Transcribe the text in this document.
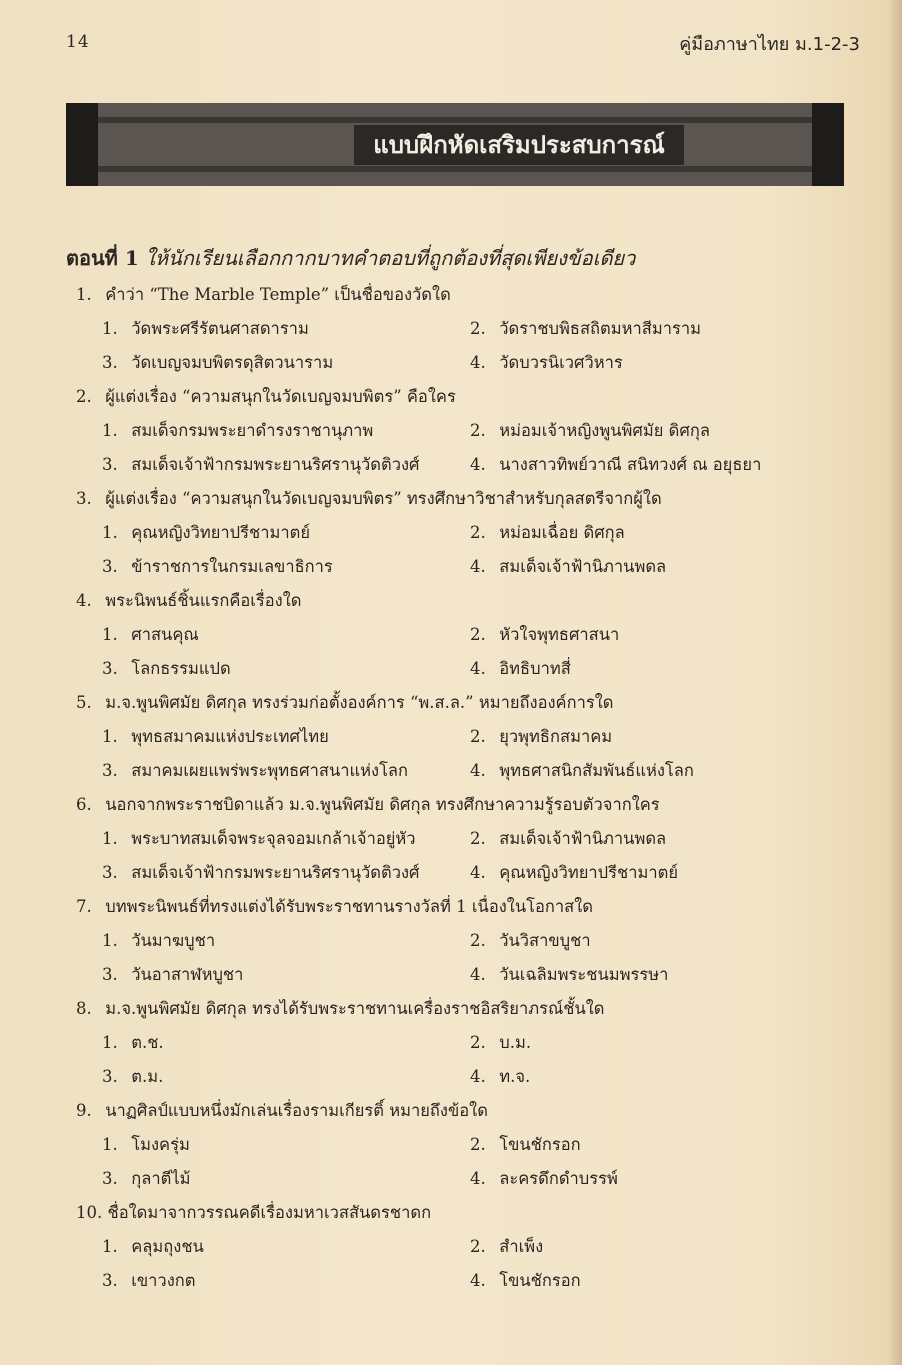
14	คู่มือภาษาไทย ม.1-2-3
แบบฝึกหัดเสริมประสบการณ์
ตอนที่ 1 ให้นักเรียนเลือกกากบาทคำตอบที่ถูกต้องที่สุดเพียงข้อเดียว
1. คำว่า “The Marble Temple” เป็นชื่อของวัดใด
1. วัดพระศรีรัตนศาสดาราม	2. วัดราชบพิธสถิตมหาสีมาราม
3. วัดเบญจมบพิตรดุสิตวนาราม	4. วัดบวรนิเวศวิหาร
2. ผู้แต่งเรื่อง “ความสนุกในวัดเบญจมบพิตร” คือใคร
1. สมเด็จกรมพระยาดำรงราชานุภาพ	2. หม่อมเจ้าหญิงพูนพิศมัย ดิศกุล
3. สมเด็จเจ้าฟ้ากรมพระยานริศรานุวัดติวงศ์	4. นางสาวทิพย์วาณี สนิทวงศ์ ณ อยุธยา
3. ผู้แต่งเรื่อง “ความสนุกในวัดเบญจมบพิตร” ทรงศึกษาวิชาสำหรับกุลสตรีจากผู้ใด
1. คุณหญิงวิทยาปรีชามาตย์	2. หม่อมเฉื่อย ดิศกุล
3. ข้าราชการในกรมเลขาธิการ	4. สมเด็จเจ้าฟ้านิภานพดล
4. พระนิพนธ์ชิ้นแรกคือเรื่องใด
1. ศาสนคุณ	2. หัวใจพุทธศาสนา
3. โลกธรรมแปด	4. อิทธิบาทสี่
5. ม.จ.พูนพิศมัย ดิศกุล ทรงร่วมก่อตั้งองค์การ “พ.ส.ล.” หมายถึงองค์การใด
1. พุทธสมาคมแห่งประเทศไทย	2. ยุวพุทธิกสมาคม
3. สมาคมเผยแพร่พระพุทธศาสนาแห่งโลก	4. พุทธศาสนิกสัมพันธ์แห่งโลก
6. นอกจากพระราชบิดาแล้ว ม.จ.พูนพิศมัย ดิศกุล ทรงศึกษาความรู้รอบตัวจากใคร
1. พระบาทสมเด็จพระจุลจอมเกล้าเจ้าอยู่หัว	2. สมเด็จเจ้าฟ้านิภานพดล
3. สมเด็จเจ้าฟ้ากรมพระยานริศรานุวัดติวงศ์	4. คุณหญิงวิทยาปรีชามาตย์
7. บทพระนิพนธ์ที่ทรงแต่งได้รับพระราชทานรางวัลที่ 1 เนื่องในโอกาสใด
1. วันมาฆบูชา	2. วันวิสาขบูชา
3. วันอาสาฬหบูชา	4. วันเฉลิมพระชนมพรรษา
8. ม.จ.พูนพิศมัย ดิศกุล ทรงได้รับพระราชทานเครื่องราชอิสริยาภรณ์ชั้นใด
1. ต.ช.	2. บ.ม.
3. ต.ม.	4. ท.จ.
9. นาฏศิลป์แบบหนึ่งมักเล่นเรื่องรามเกียรติ์ หมายถึงข้อใด
1. โมงครุ่ม	2. โขนชักรอก
3. กุลาตีไม้	4. ละครดึกดำบรรพ์
10. ชื่อใดมาจากวรรณคดีเรื่องมหาเวสสันดรชาดก
1. คลุมถุงชน	2. สำเพ็ง
3. เขาวงกต	4. โขนชักรอก
